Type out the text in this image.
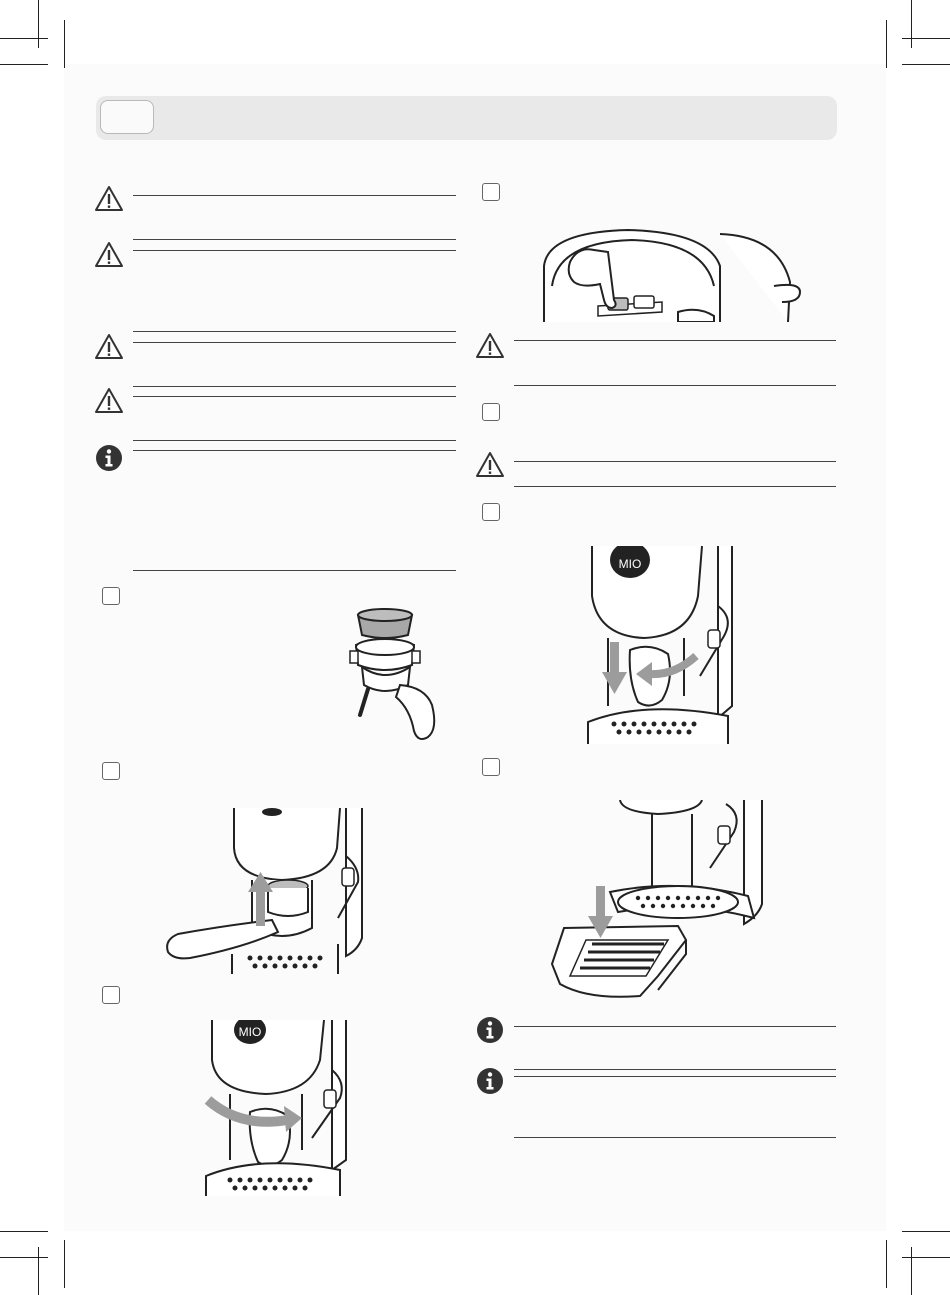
MIO
MIO
